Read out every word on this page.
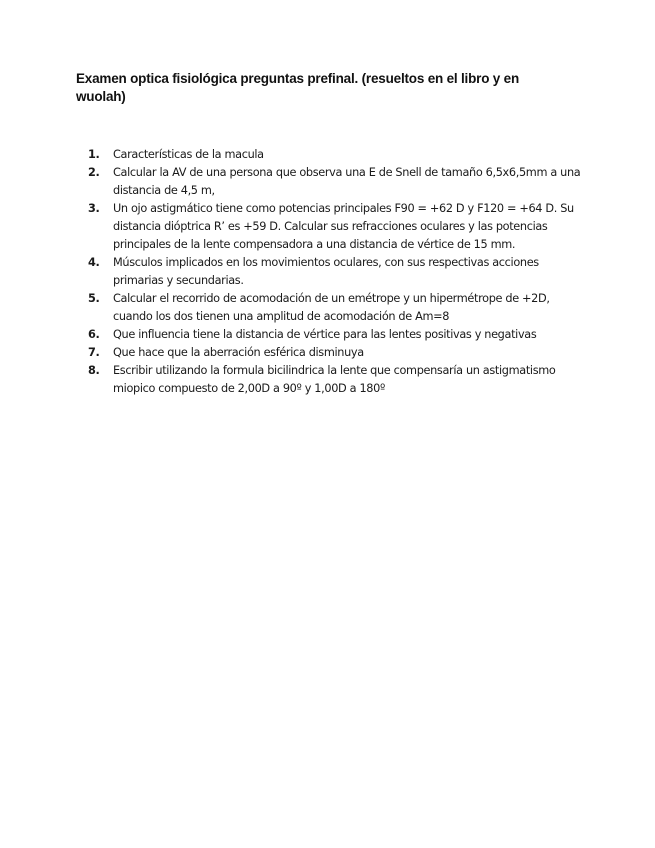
Examen optica fisiológica preguntas prefinal. (resueltos en el libro y en wuolah)

1.	Características de la macula
2.	Calcular la AV de una persona que observa una E de Snell de tamaño 6,5x6,5mm a una distancia de 4,5 m,
3.	Un ojo astigmático tiene como potencias principales F90 = +62 D y F120 = +64 D. Su distancia dióptrica R’ es +59 D. Calcular sus refracciones oculares y las potencias principales de la lente compensadora a una distancia de vértice de 15 mm.
4.	Músculos implicados en los movimientos oculares, con sus respectivas acciones primarias y secundarias.
5.	Calcular el recorrido de acomodación de un emétrope y un hipermétrope de +2D, cuando los dos tienen una amplitud de acomodación de Am=8
6.	Que influencia tiene la distancia de vértice para las lentes positivas y negativas
7.	Que hace que la aberración esférica disminuya
8.	Escribir utilizando la formula bicilindrica la lente que compensaría un astigmatismo miopico compuesto de 2,00D a 90º y 1,00D a 180º
